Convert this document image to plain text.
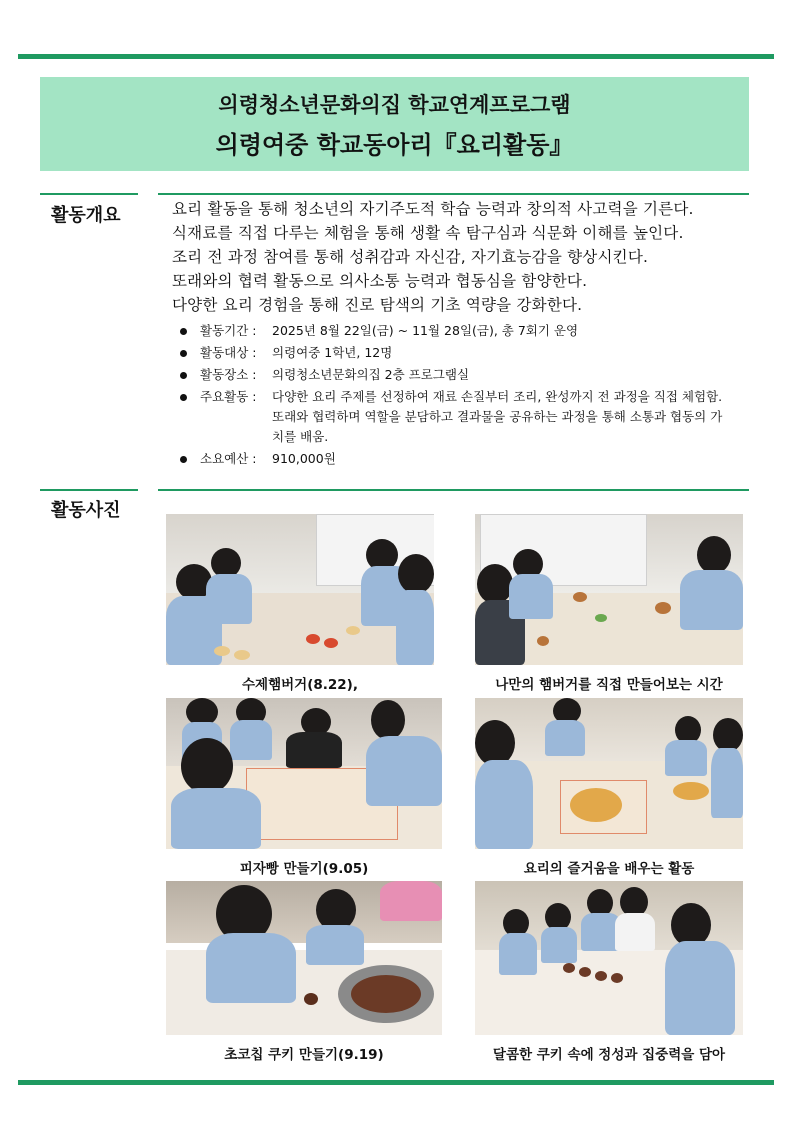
의령청소년문화의집 학교연계프로그램
의령여중 학교동아리『요리활동』
활동개요	요리 활동을 통해 청소년의 자기주도적 학습 능력과 창의적 사고력을 기른다.
식재료를 직접 다루는 체험을 통해 생활 속 탐구심과 식문화 이해를 높인다.
조리 전 과정 참여를 통해 성취감과 자신감, 자기효능감을 향상시킨다.
또래와의 협력 활동으로 의사소통 능력과 협동심을 함양한다.
다양한 요리 경험을 통해 진로 탐색의 기초 역량을 강화한다.
활동기간 :	2025년 8월 22일(금) ~ 11월 28일(금), 총 7회기 운영
활동대상 :	의령여중 1학년, 12명
활동장소 :	의령청소년문화의집 2층 프로그램실
주요활동 :	다양한 요리 주제를 선정하여 재료 손질부터 조리, 완성까지 전 과정을 직접 체험함. 또래와 협력하며 역할을 분담하고 결과물을 공유하는 과정을 통해 소통과 협동의 가치를 배움.
소요예산 :	910,000원
활동사진
수제햄버거(8.22),	나만의 햄버거를 직접 만들어보는 시간
피자빵 만들기(9.05)	요리의 즐거움을 배우는 활동
초코칩 쿠키 만들기(9.19)	달콤한 쿠키 속에 정성과 집중력을 담아
